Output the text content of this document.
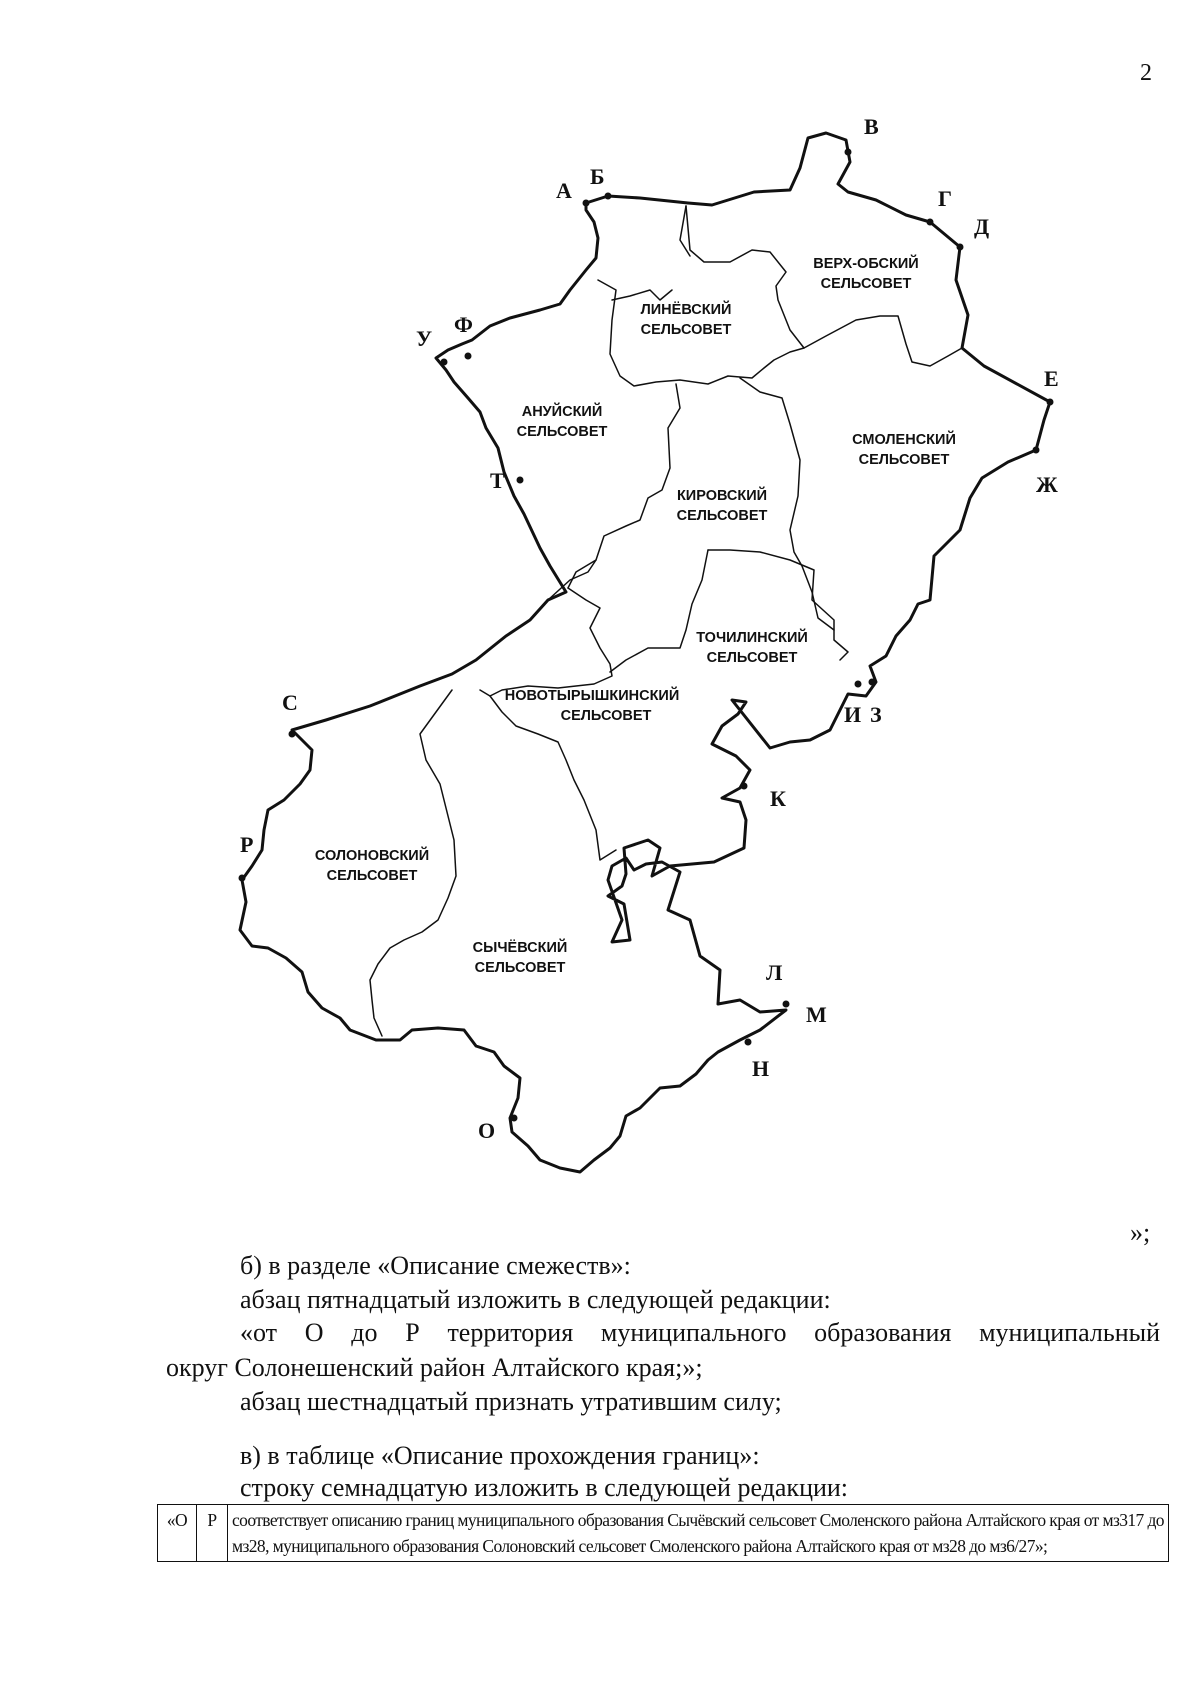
2
ВЕРХ-ОБСКИЙ
СЕЛЬСОВЕТ
ЛИНЁВСКИЙ
СЕЛЬСОВЕТ
АНУЙСКИЙ
СЕЛЬСОВЕТ	СМОЛЕНСКИЙ
СЕЛЬСОВЕТ
КИРОВСКИЙ
СЕЛЬСОВЕТ
ТОЧИЛИНСКИЙ
СЕЛЬСОВЕТ
НОВОТЫРЫШКИНСКИЙ
СЕЛЬСОВЕТ
СОЛОНОВСКИЙ
СЕЛЬСОВЕТ
СЫЧЁВСКИЙ
СЕЛЬСОВЕТ
А
Б
В
Г
Д
Е
Ж
И З
К
Л
М
Н
О
Р
С
Т
У
Ф
»;
б) в разделе «Описание смежеств»:
абзац пятнадцатый изложить в следующей редакции:
«от О до Р территория муниципального образования муниципальный
округ Солонешенский район Алтайского края;»;
абзац шестнадцатый признать утратившим силу;
в) в таблице «Описание прохождения границ»:
строку семнадцатую изложить в следующей редакции:
«О	Р	соответствует описанию границ муниципального образования Сычёвский сельсовет Смоленского района Алтайского края от мз317 до мз28, муниципального образования Солоновский сельсовет Смоленского района Алтайского края от мз28 до мз6/27»;
